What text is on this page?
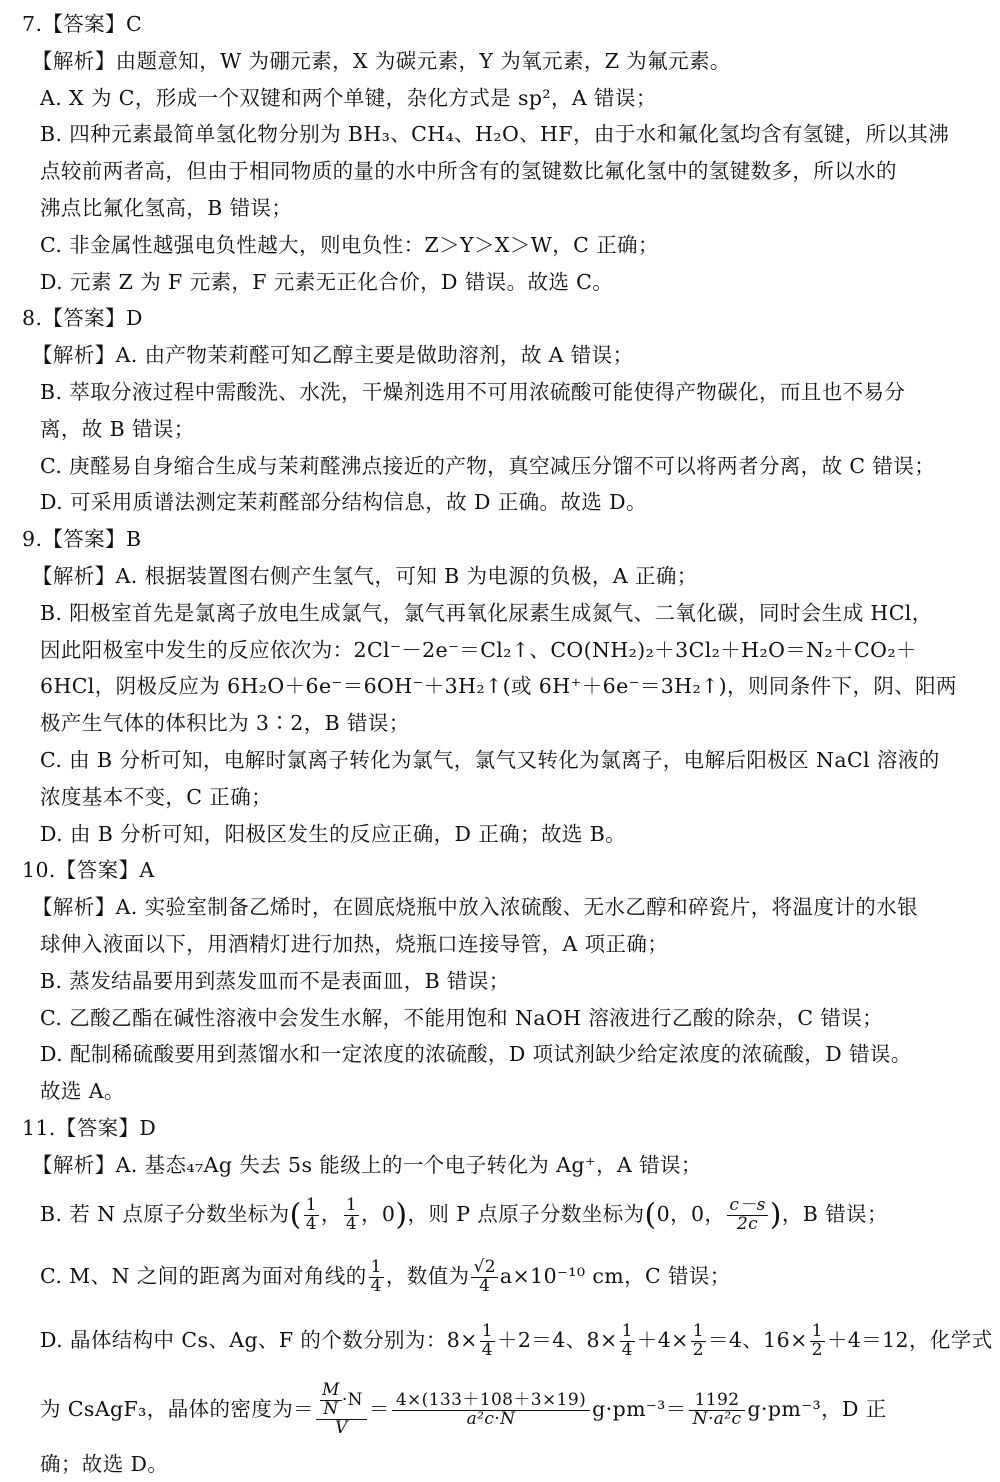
7.【答案】C
【解析】由题意知，W 为硼元素，X 为碳元素，Y 为氧元素，Z 为氟元素。
A. X 为 C，形成一个双键和两个单键，杂化方式是 sp²，A 错误；
B. 四种元素最简单氢化物分别为 BH₃、CH₄、H₂O、HF，由于水和氟化氢均含有氢键，所以其沸
点较前两者高，但由于相同物质的量的水中所含有的氢键数比氟化氢中的氢键数多，所以水的
沸点比氟化氢高，B 错误；
C. 非金属性越强电负性越大，则电负性：Z＞Y＞X＞W，C 正确；
D. 元素 Z 为 F 元素，F 元素无正化合价，D 错误。故选 C。
8.【答案】D
【解析】A. 由产物茉莉醛可知乙醇主要是做助溶剂，故 A 错误；
B. 萃取分液过程中需酸洗、水洗，干燥剂选用不可用浓硫酸可能使得产物碳化，而且也不易分
离，故 B 错误；
C. 庚醛易自身缩合生成与茉莉醛沸点接近的产物，真空减压分馏不可以将两者分离，故 C 错误；
D. 可采用质谱法测定茉莉醛部分结构信息，故 D 正确。故选 D。
9.【答案】B
【解析】A. 根据装置图右侧产生氢气，可知 B 为电源的负极，A 正确；
B. 阳极室首先是氯离子放电生成氯气，氯气再氧化尿素生成氮气、二氧化碳，同时会生成 HCl，
因此阳极室中发生的反应依次为：2Cl⁻－2e⁻＝Cl₂↑、CO(NH₂)₂＋3Cl₂＋H₂O＝N₂＋CO₂＋
6HCl，阴极反应为 6H₂O＋6e⁻＝6OH⁻＋3H₂↑(或 6H⁺＋6e⁻＝3H₂↑)，则同条件下，阴、阳两
极产生气体的体积比为 3∶2，B 错误；
C. 由 B 分析可知，电解时氯离子转化为氯气，氯气又转化为氯离子，电解后阳极区 NaCl 溶液的
浓度基本不变，C 正确；
D. 由 B 分析可知，阳极区发生的反应正确，D 正确；故选 B。
10.【答案】A
【解析】A. 实验室制备乙烯时，在圆底烧瓶中放入浓硫酸、无水乙醇和碎瓷片，将温度计的水银
球伸入液面以下，用酒精灯进行加热，烧瓶口连接导管，A 项正确；
B. 蒸发结晶要用到蒸发皿而不是表面皿，B 错误；
C. 乙酸乙酯在碱性溶液中会发生水解，不能用饱和 NaOH 溶液进行乙酸的除杂，C 错误；
D. 配制稀硫酸要用到蒸馏水和一定浓度的浓硫酸，D 项试剂缺少给定浓度的浓硫酸，D 错误。
故选 A。
11.【答案】D
【解析】A. 基态₄₇Ag 失去 5s 能级上的一个电子转化为 Ag⁺，A 错误；
B. 若 N 点原子分数坐标为( $\frac{1}{4}$ ， $\frac{1}{4}$ ，0)，则 P 点原子分数坐标为(0，0， $\frac{c-s}{2c}$ )，B 错误；
C. M、N 之间的距离为面对角线的 $\frac{1}{4}$ ，数值为 $\frac{√2}{4} a\times 10^{-10}$ cm，C 错误；
D. 晶体结构中 Cs、Ag、F 的个数分别为：$8\times \frac{1}{4} +2=4$、$8\times \frac{1}{4} +4\times \frac{1}{2} =4$、$16\times \frac{1}{2} +4=12$，化学式
为 CsAgF₃，晶体的密度为＝ $\frac{\frac{M}{N} \cdot N}{V} = \frac{4\times(133+108+3\times 19)}{\text{a²c·N}} g\cdot pm^{-3}= \frac{1192}{\text{N·a²c}} g\cdot pm^{-3}$，D 正
确；故选 D。
